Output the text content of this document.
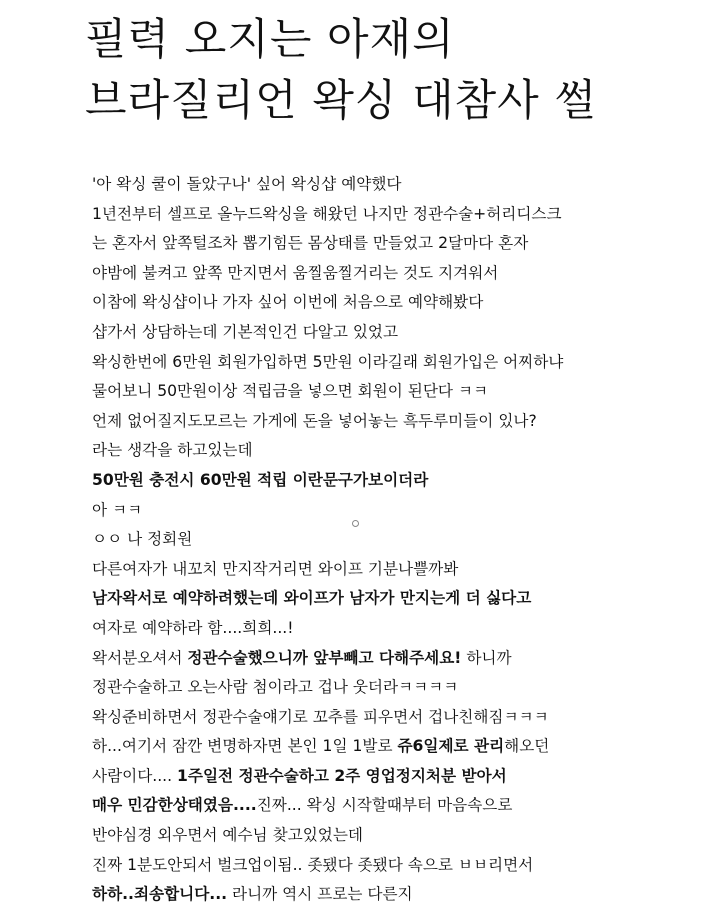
필력 오지는 아재의
브라질리언 왁싱 대참사 썰
'아 왁싱 쿨이 돌았구나' 싶어 왁싱샵 예약했다
1년전부터 셀프로 올누드왁싱을 해왔던 나지만 정관수술+허리디스크
는 혼자서 앞쪽털조차 뽑기힘든 몸상태를 만들었고 2달마다 혼자
야밤에 불켜고 앞쪽 만지면서 움찔움찔거리는 것도 지겨워서
이참에 왁싱샵이나 가자 싶어 이번에 처음으로 예약해봤다
샵가서 상담하는데 기본적인건 다알고 있었고
왁싱한번에 6만원 회원가입하면 5만원 이라길래 회원가입은 어찌하냐
물어보니 50만원이상 적립금을 넣으면 회원이 된단다 ㅋㅋ
언제 없어질지도모르는 가게에 돈을 넣어놓는 흑두루미들이 있나?
라는 생각을 하고있는데
50만원 충전시 60만원 적립 이란문구가보이더라
아 ㅋㅋ
ㅇㅇ 나 정회원
다른여자가 내꼬치 만지작거리면 와이프 기분나쁠까봐
남자왁서로 예약하려했는데 와이프가 남자가 만지는게 더 싫다고
여자로 예약하라 함....희희...!
왁서분오셔서 정관수술했으니까 앞부빼고 다해주세요! 하니까
정관수술하고 오는사람 첨이라고 겁나 웃더라ㅋㅋㅋㅋ
왁싱준비하면서 정관수술얘기로 꼬추를 피우면서 겁나친해짐ㅋㅋㅋ
하...여기서 잠깐 변명하자면 본인 1일 1발로 쥬6일제로 관리해오던
사람이다.... 1주일전 정관수술하고 2주 영업정지처분 받아서
매우 민감한상태였음....진짜... 왁싱 시작할때부터 마음속으로
반야심경 외우면서 예수님 찾고있었는데
진짜 1분도안되서 벌크업이됨.. 좃됐다 좃됐다 속으로 ㅂㅂ리면서
하하..죄송합니다... 라니까 역시 프로는 다른지
